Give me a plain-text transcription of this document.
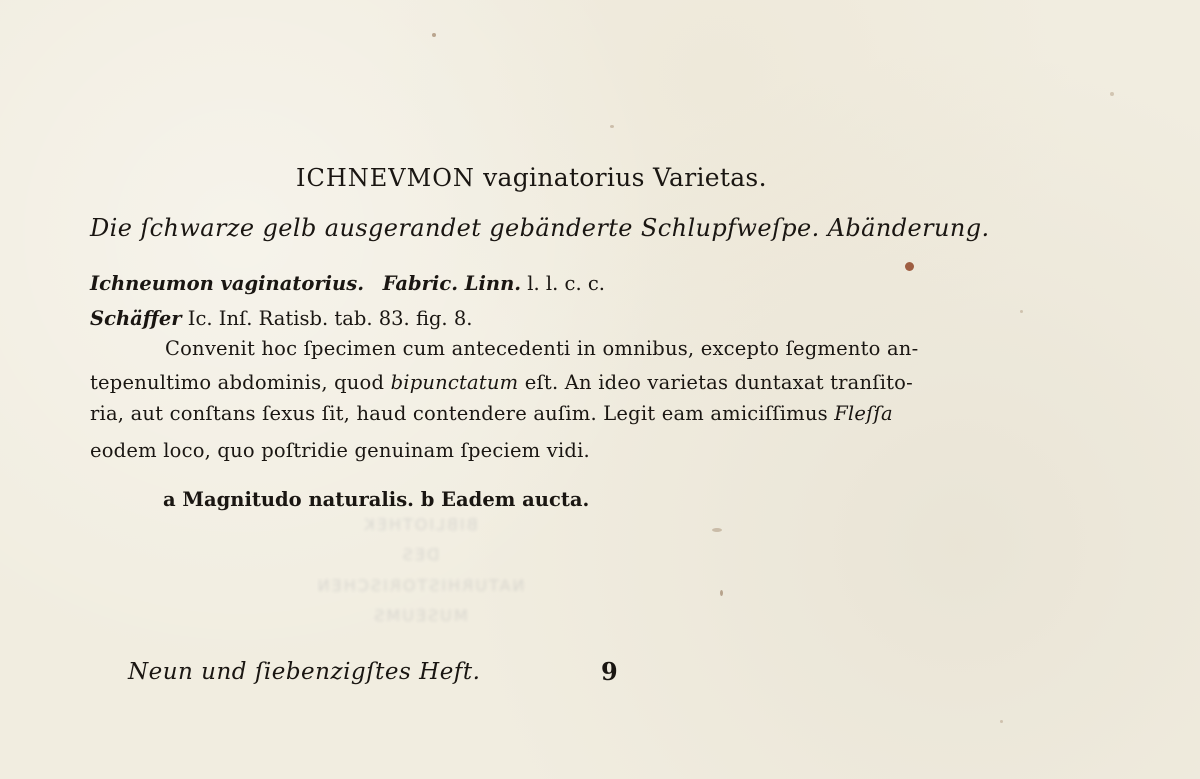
BIBLIOTHEK
DES
NATURHISTORISCHEN
MUSEUMS
ICHNEVMON vaginatorius Varietas.
Die ſchwarze gelb ausgerandet gebänderte Schlupfweſpe. Abänderung.
Ichneumon vaginatorius. Fabric. Linn. l. l. c. c.
Schäffer Ic. Inſ. Ratisb. tab. 83. fig. 8.
Convenit hoc ſpecimen cum antecedenti in omnibus, excepto ſegmento an-
tepenultimo abdominis, quod bipunctatum eſt. An ideo varietas duntaxat tranſito-
ria, aut conſtans ſexus ſit, haud contendere auſim. Legit eam amiciſſimus Fleſſa
eodem loco, quo poſtridie genuinam ſpeciem vidi.
a Magnitudo naturalis. b Eadem aucta.
Neun und ſiebenzigſtes Heft.	9
